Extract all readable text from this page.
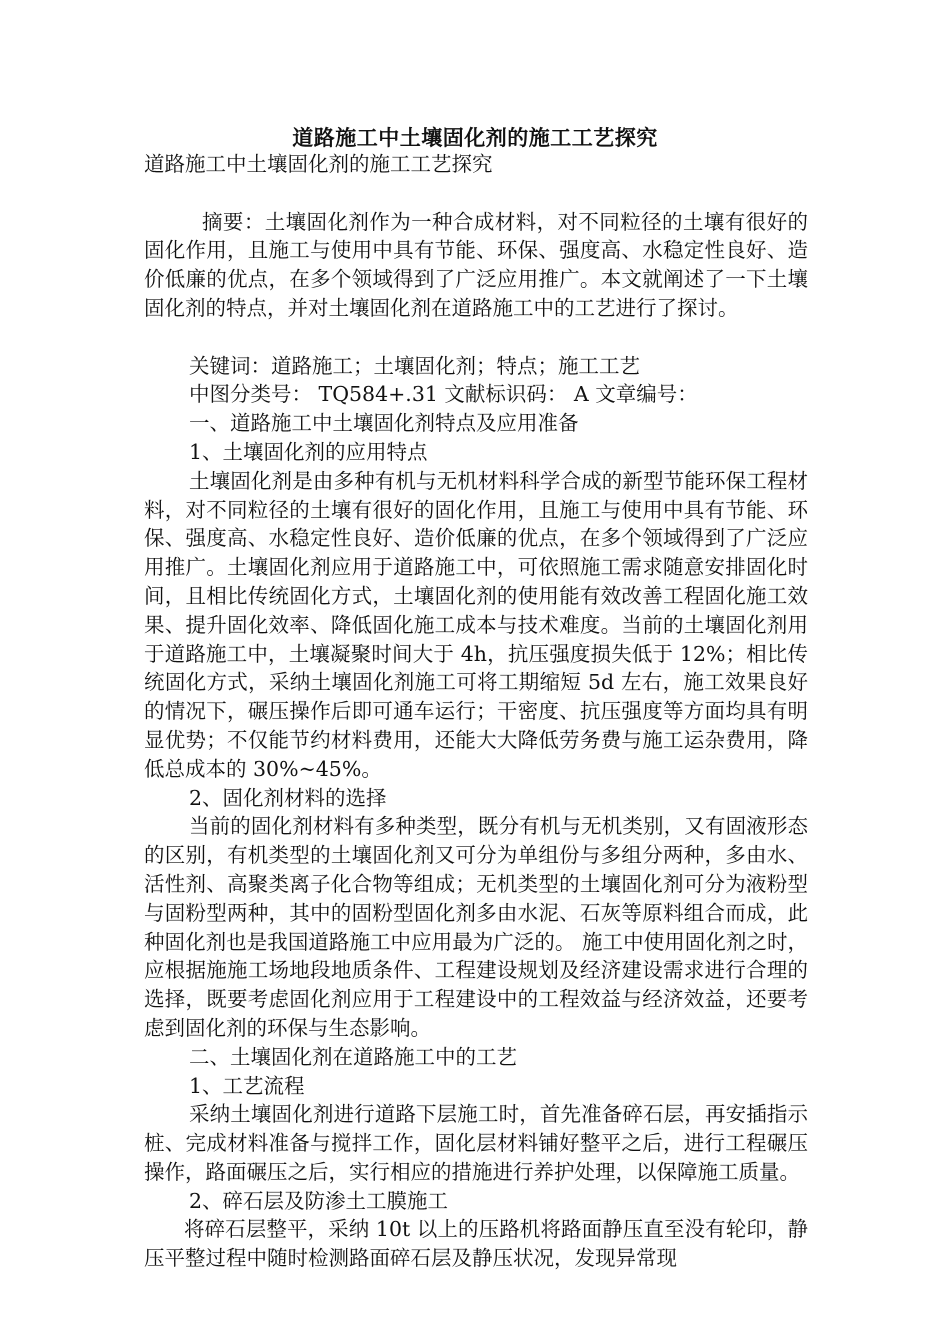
道路施工中土壤固化剂的施工工艺探究

道路施工中土壤固化剂的施工工艺探究

摘要：土壤固化剂作为一种合成材料，对不同粒径的土壤有很好的固化作用，且施工与使用中具有节能、环保、强度高、水稳定性良好、造价低廉的优点，在多个领域得到了广泛应用推广。本文就阐述了一下土壤固化剂的特点，并对土壤固化剂在道路施工中的工艺进行了探讨。

关键词：道路施工；土壤固化剂；特点；施工工艺

中图分类号： TQ584+.31 文献标识码： A 文章编号：

一、道路施工中土壤固化剂特点及应用准备

1、土壤固化剂的应用特点

土壤固化剂是由多种有机与无机材料科学合成的新型节能环保工程材料，对不同粒径的土壤有很好的固化作用，且施工与使用中具有节能、环保、强度高、水稳定性良好、造价低廉的优点，在多个领域得到了广泛应用推广。土壤固化剂应用于道路施工中，可依照施工需求随意安排固化时间，且相比传统固化方式，土壤固化剂的使用能有效改善工程固化施工效果、提升固化效率、降低固化施工成本与技术难度。当前的土壤固化剂用于道路施工中，土壤凝聚时间大于 4h，抗压强度损失低于 12%；相比传统固化方式，采纳土壤固化剂施工可将工期缩短 5d 左右，施工效果良好的情况下，碾压操作后即可通车运行；干密度、抗压强度等方面均具有明显优势；不仅能节约材料费用，还能大大降低劳务费与施工运杂费用，降低总成本的 30%~45%。

2、固化剂材料的选择

当前的固化剂材料有多种类型，既分有机与无机类别，又有固液形态的区别，有机类型的土壤固化剂又可分为单组份与多组分两种，多由水、活性剂、高聚类离子化合物等组成；无机类型的土壤固化剂可分为液粉型与固粉型两种，其中的固粉型固化剂多由水泥、石灰等原料组合而成，此种固化剂也是我国道路施工中应用最为广泛的。 施工中使用固化剂之时，应根据施施工场地段地质条件、工程建设规划及经济建设需求进行合理的选择，既要考虑固化剂应用于工程建设中的工程效益与经济效益，还要考虑到固化剂的环保与生态影响。

二、土壤固化剂在道路施工中的工艺

1、工艺流程

采纳土壤固化剂进行道路下层施工时，首先准备碎石层，再安插指示桩、完成材料准备与搅拌工作，固化层材料铺好整平之后，进行工程碾压操作，路面碾压之后，实行相应的措施进行养护处理，以保障施工质量。

2、碎石层及防渗土工膜施工

将碎石层整平，采纳 10t 以上的压路机将路面静压直至没有轮印，静压平整过程中随时检测路面碎石层及静压状况，发现异常现
